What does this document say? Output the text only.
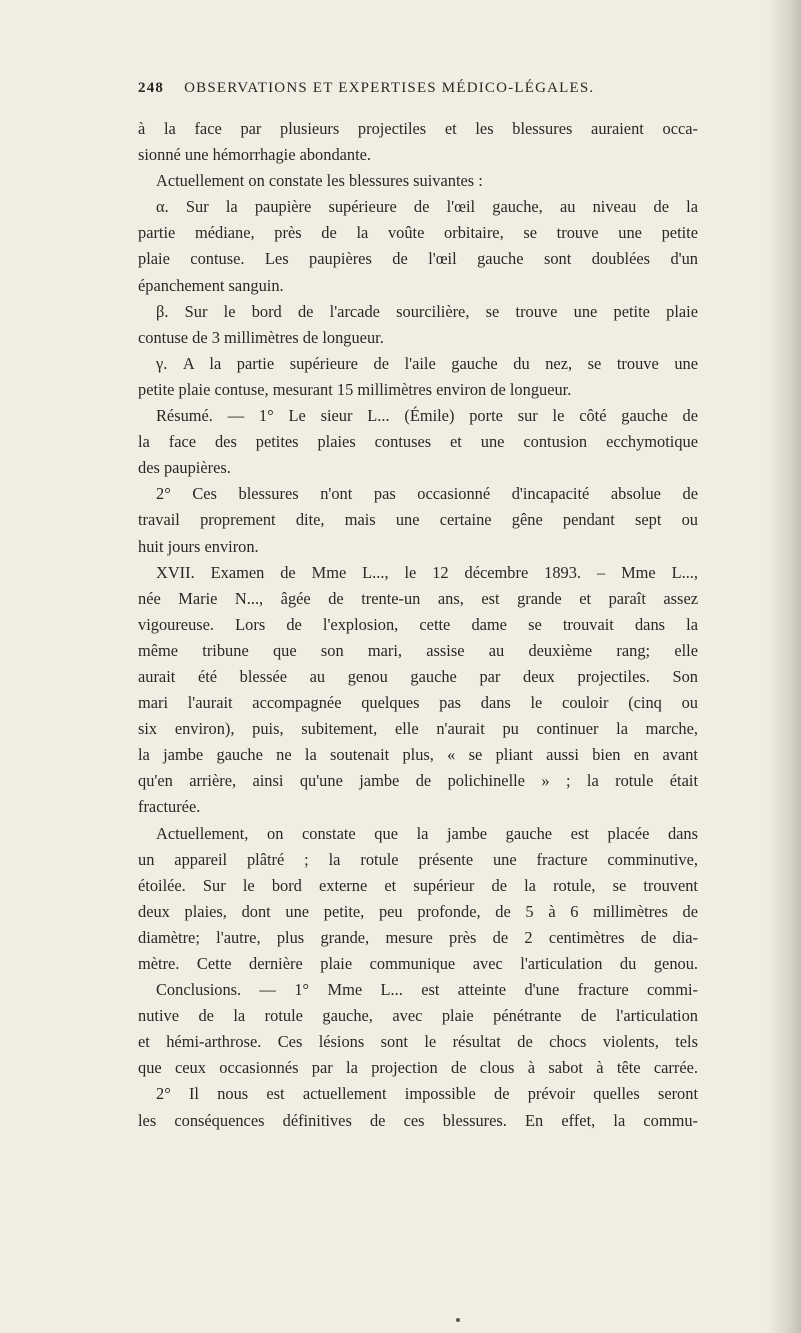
248 OBSERVATIONS ET EXPERTISES MÉDICO-LÉGALES.
à la face par plusieurs projectiles et les blessures auraient occa-
sionné une hémorrhagie abondante.
Actuellement on constate les blessures suivantes :
α. Sur la paupière supérieure de l'œil gauche, au niveau de la
partie médiane, près de la voûte orbitaire, se trouve une petite
plaie contuse. Les paupières de l'œil gauche sont doublées d'un
épanchement sanguin.
β. Sur le bord de l'arcade sourcilière, se trouve une petite plaie
contuse de 3 millimètres de longueur.
γ. A la partie supérieure de l'aile gauche du nez, se trouve une
petite plaie contuse, mesurant 15 millimètres environ de longueur.
Résumé. — 1° Le sieur L... (Émile) porte sur le côté gauche de
la face des petites plaies contuses et une contusion ecchymotique
des paupières.
2° Ces blessures n'ont pas occasionné d'incapacité absolue de
travail proprement dite, mais une certaine gêne pendant sept ou
huit jours environ.
XVII. Examen de Mme L..., le 12 décembre 1893. – Mme L...,
née Marie N..., âgée de trente-un ans, est grande et paraît assez
vigoureuse. Lors de l'explosion, cette dame se trouvait dans la
même tribune que son mari, assise au deuxième rang; elle
aurait été blessée au genou gauche par deux projectiles. Son
mari l'aurait accompagnée quelques pas dans le couloir (cinq ou
six environ), puis, subitement, elle n'aurait pu continuer la marche,
la jambe gauche ne la soutenait plus, « se pliant aussi bien en avant
qu'en arrière, ainsi qu'une jambe de polichinelle » ; la rotule était
fracturée.
Actuellement, on constate que la jambe gauche est placée dans
un appareil plâtré ; la rotule présente une fracture comminutive,
étoilée. Sur le bord externe et supérieur de la rotule, se trouvent
deux plaies, dont une petite, peu profonde, de 5 à 6 millimètres de
diamètre; l'autre, plus grande, mesure près de 2 centimètres de dia-
mètre. Cette dernière plaie communique avec l'articulation du genou.
Conclusions. — 1° Mme L... est atteinte d'une fracture commi-
nutive de la rotule gauche, avec plaie pénétrante de l'articulation
et hémi-arthrose. Ces lésions sont le résultat de chocs violents, tels
que ceux occasionnés par la projection de clous à sabot à tête carrée.
2° Il nous est actuellement impossible de prévoir quelles seront
les conséquences définitives de ces blessures. En effet, la commu-
